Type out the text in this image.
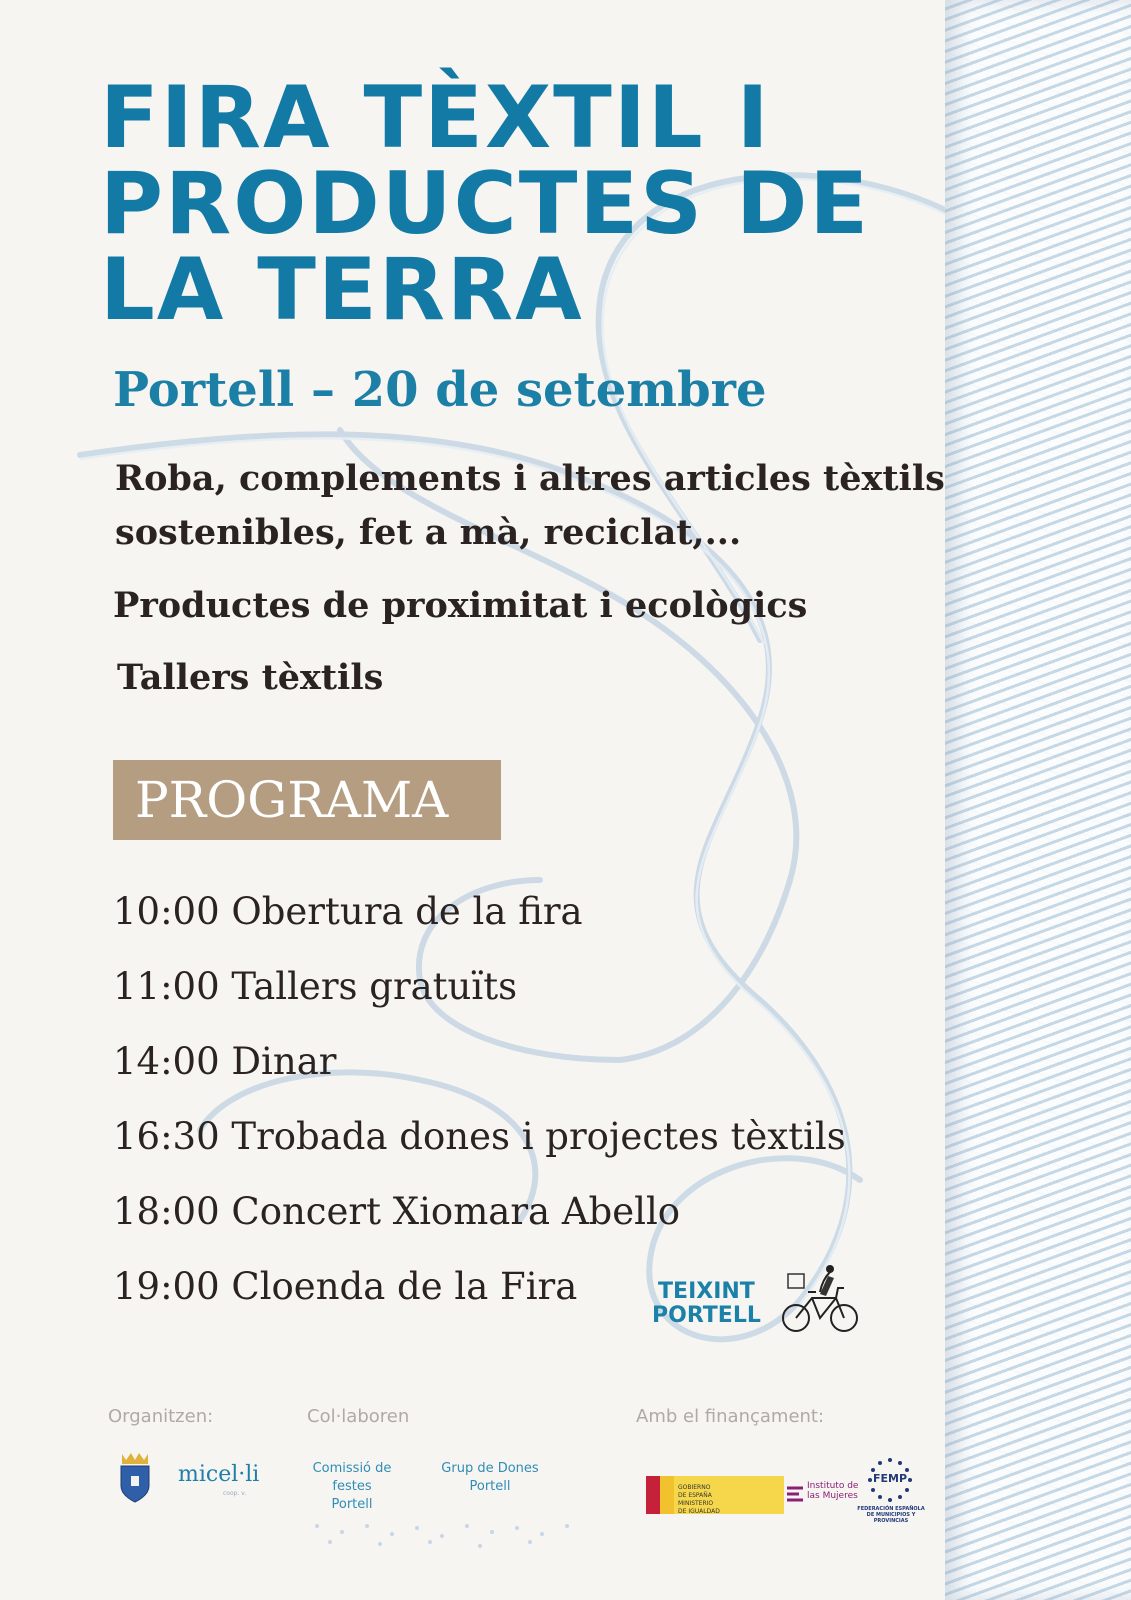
FIRA TÈXTIL I
PRODUCTES DE
LA TERRA
Portell – 20 de setembre

Roba, complements i altres articles tèxtils
sostenibles, fet a mà, reciclat,...

Productes de proximitat i ecològics

Tallers tèxtils

PROGRAMA

10:00 Obertura de la fira

11:00 Tallers gratuïts

14:00 Dinar

16:30 Trobada dones i projectes tèxtils

18:00 Concert Xiomara Abello

19:00 Cloenda de la Fira	TEIXINT
PORTELL
Organitzen:	Col·laboren	Amb el finançament:
micel·li
coop. v.
Comissió de
festes
Portell
Grup de Dones
Portell	GOBIERNO
DE ESPAÑA
MINISTERIO
DE IGUALDAD
Instituto de
las Mujeres
FEMP
FEDERACIÓN ESPAÑOLA DE MUNICIPIOS Y PROVINCIAS
